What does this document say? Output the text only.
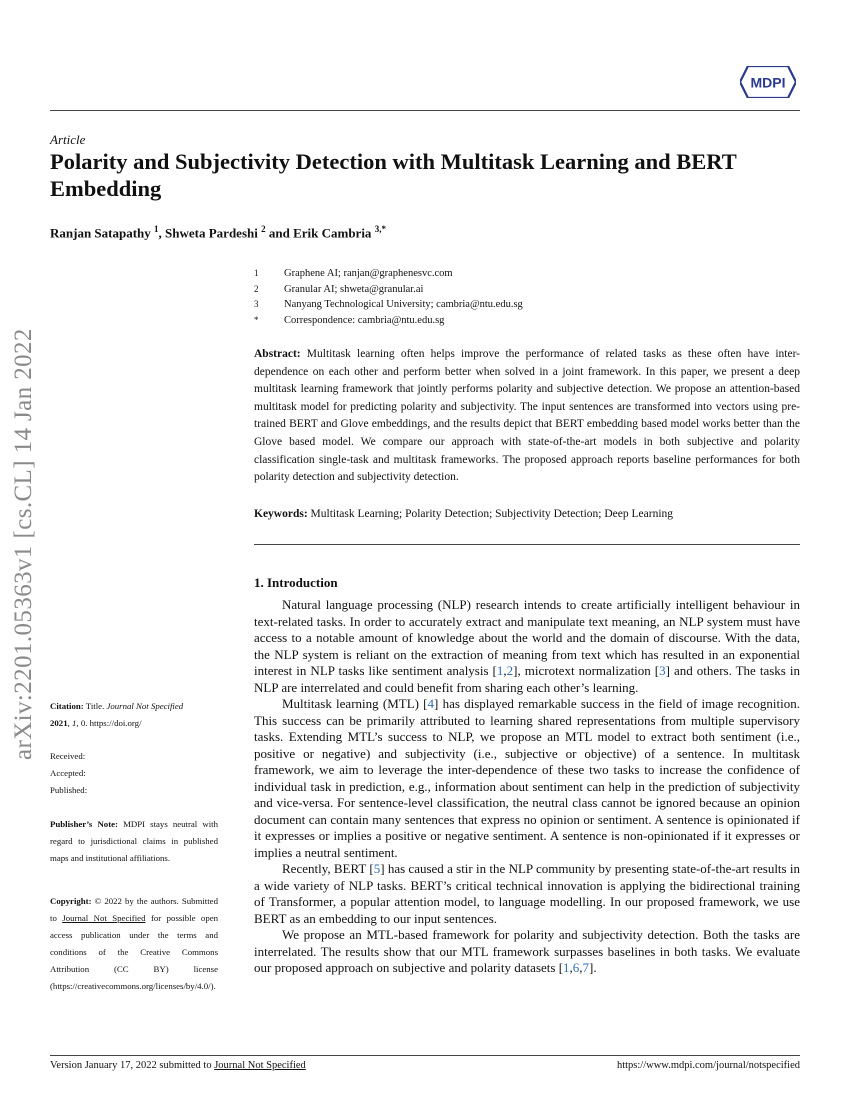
MDPI
Article
Polarity and Subjectivity Detection with Multitask Learning and BERT Embedding
Ranjan Satapathy $^1$, Shweta Pardeshi $^2$ and Erik Cambria $^{3,*}$
1	Graphene AI; ranjan@graphenesvc.com
2	Granular AI; shweta@granular.ai
3	Nanyang Technological University; cambria@ntu.edu.sg
*	Correspondence: cambria@ntu.edu.sg

Abstract: Multitask learning often helps improve the performance of related tasks as these often have inter-dependence on each other and perform better when solved in a joint framework. In this paper, we present a deep multitask learning framework that jointly performs polarity and subjective detection. We propose an attention-based multitask model for predicting polarity and subjectivity. The input sentences are transformed into vectors using pre-trained BERT and Glove embeddings, and the results depict that BERT embedding based model works better than the Glove based model. We compare our approach with state-of-the-art models in both subjective and polarity classification single-task and multitask frameworks. The proposed approach reports baseline performances for both polarity detection and subjectivity detection.

Keywords: Multitask Learning; Polarity Detection; Subjectivity Detection; Deep Learning

1. Introduction

Natural language processing (NLP) research intends to create artificially intelligent behaviour in text-related tasks. In order to accurately extract and manipulate text meaning, an NLP system must have access to a notable amount of knowledge about the world and the domain of discourse. With the data, the NLP system is reliant on the extraction of meaning from text which has resulted in an exponential interest in NLP tasks like sentiment analysis [1,2], microtext normalization [3] and others. The tasks in NLP are interrelated and could benefit from sharing each other’s learning.

Multitask learning (MTL) [4] has displayed remarkable success in the field of image recognition. This success can be primarily attributed to learning shared representations from multiple supervisory tasks. Extending MTL’s success to NLP, we propose an MTL model to extract both sentiment (i.e., positive or negative) and subjectivity (i.e., subjective or objective) of a sentence. In multitask framework, we aim to leverage the inter-dependence of these two tasks to increase the confidence of individual task in prediction, e.g., information about sentiment can help in the prediction of subjectivity and vice-versa. For sentence-level classification, the neutral class cannot be ignored because an opinion document can contain many sentences that express no opinion or sentiment. A sentence is opinionated if it expresses or implies a positive or negative sentiment. A sentence is non-opinionated if it expresses or implies a neutral sentiment.

Recently, BERT [5] has caused a stir in the NLP community by presenting state-of-the-art results in a wide variety of NLP tasks. BERT’s critical technical innovation is applying the bidirectional training of Transformer, a popular attention model, to language modelling. In our proposed framework, we use BERT as an embedding to our input sentences.

We propose an MTL-based framework for polarity and subjectivity detection. Both the tasks are interrelated. The results show that our MTL framework surpasses baselines in both tasks. We evaluate our proposed approach on subjective and polarity datasets [1,6,7].

arXiv:2201.05363v1 [cs.CL] 14 Jan 2022 Citation: Title. Journal Not Specified
2021, 1, 0. https://doi.org/
Received:
Accepted:
Published:
Publisher’s Note: MDPI stays neutral with regard to jurisdictional claims in published maps and institutional affiliations.
Copyright: © 2022 by the authors. Submitted to Journal Not Specified for possible open access publication under the terms and conditions of the Creative Commons Attribution (CC BY) license (https://creativecommons.org/licenses/by/4.0/).
Version January 17, 2022 submitted to Journal Not Specified	https://www.mdpi.com/journal/notspecified
